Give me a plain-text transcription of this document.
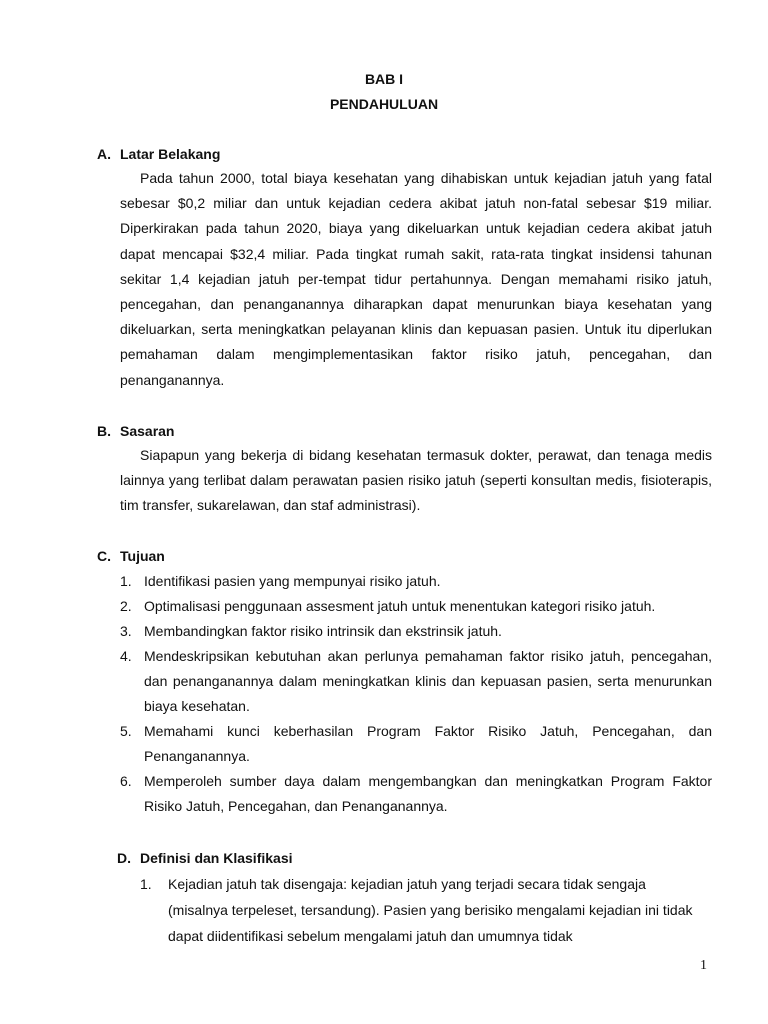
BAB I
PENDAHULUAN
A. Latar Belakang

Pada tahun 2000, total biaya kesehatan yang dihabiskan untuk kejadian jatuh yang fatal sebesar $0,2 miliar dan untuk kejadian cedera akibat jatuh non-fatal sebesar $19 miliar. Diperkirakan pada tahun 2020, biaya yang dikeluarkan untuk kejadian cedera akibat jatuh dapat mencapai $32,4 miliar. Pada tingkat rumah sakit, rata-rata tingkat insidensi tahunan sekitar 1,4 kejadian jatuh per-tempat tidur pertahunnya. Dengan memahami risiko jatuh, pencegahan, dan penanganannya diharapkan dapat menurunkan biaya kesehatan yang dikeluarkan, serta meningkatkan pelayanan klinis dan kepuasan pasien. Untuk itu diperlukan pemahaman dalam mengimplementasikan faktor risiko jatuh, pencegahan, dan penanganannya.

B. Sasaran

Siapapun yang bekerja di bidang kesehatan termasuk dokter, perawat, dan tenaga medis lainnya yang terlibat dalam perawatan pasien risiko jatuh (seperti konsultan medis, fisioterapis, tim transfer, sukarelawan, dan staf administrasi).

C. Tujuan
1. Identifikasi pasien yang mempunyai risiko jatuh.
2. Optimalisasi penggunaan assesment jatuh untuk menentukan kategori risiko jatuh.
3. Membandingkan faktor risiko intrinsik dan ekstrinsik jatuh.
4. Mendeskripsikan kebutuhan akan perlunya pemahaman faktor risiko jatuh, pencegahan, dan penanganannya dalam meningkatkan klinis dan kepuasan pasien, serta menurunkan biaya kesehatan.
5. Memahami kunci keberhasilan Program Faktor Risiko Jatuh, Pencegahan, dan Penanganannya.
6. Memperoleh sumber daya dalam mengembangkan dan meningkatkan Program Faktor Risiko Jatuh, Pencegahan, dan Penanganannya.
D. Definisi dan Klasifikasi
1. Kejadian jatuh tak disengaja: kejadian jatuh yang terjadi secara tidak sengaja (misalnya terpeleset, tersandung). Pasien yang berisiko mengalami kejadian ini tidak dapat diidentifikasi sebelum mengalami jatuh dan umumnya tidak
1
